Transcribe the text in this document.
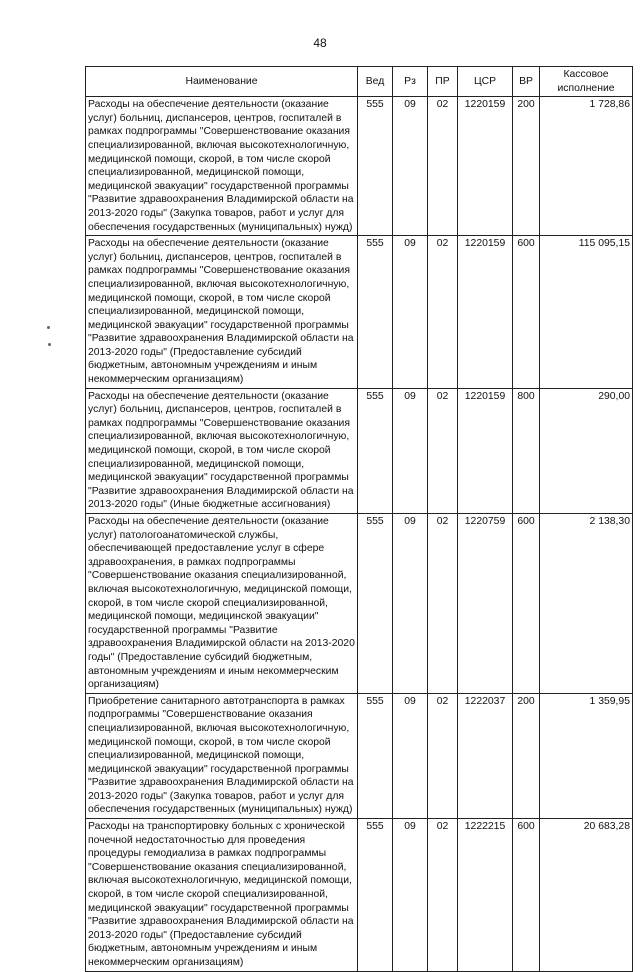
48
Наименование	Вед	Рз	ПР	ЦСР	ВР	Кассовое исполнение
Расходы на обеспечение деятельности (оказание услуг) больниц, диспансеров, центров, госпиталей в рамках подпрограммы "Совершенствование оказания специализированной, включая высокотехнологичную, медицинской помощи, скорой, в том числе скорой специализированной, медицинской помощи, медицинской эвакуации" государственной программы "Развитие здравоохранения Владимирской области на 2013-2020 годы" (Закупка товаров, работ и услуг для обеспечения государственных (муниципальных) нужд)	555	09	02	1220159	200	1 728,86
Расходы на обеспечение деятельности (оказание услуг) больниц, диспансеров, центров, госпиталей в рамках подпрограммы "Совершенствование оказания специализированной, включая высокотехнологичную, медицинской помощи, скорой, в том числе скорой специализированной, медицинской помощи, медицинской эвакуации" государственной программы "Развитие здравоохранения Владимирской области на 2013-2020 годы" (Предоставление субсидий бюджетным, автономным учреждениям и иным некоммерческим организациям)	555	09	02	1220159	600	115 095,15
Расходы на обеспечение деятельности (оказание услуг) больниц, диспансеров, центров, госпиталей в рамках подпрограммы "Совершенствование оказания специализированной, включая высокотехнологичную, медицинской помощи, скорой, в том числе скорой специализированной, медицинской помощи, медицинской эвакуации" государственной программы "Развитие здравоохранения Владимирской области на 2013-2020 годы" (Иные бюджетные ассигнования)	555	09	02	1220159	800	290,00
Расходы на обеспечение деятельности (оказание услуг) патологоанатомической службы, обеспечивающей предоставление услуг в сфере здравоохранения, в рамках подпрограммы "Совершенствование оказания специализированной, включая высокотехнологичную, медицинской помощи, скорой, в том числе скорой специализированной, медицинской помощи, медицинской эвакуации" государственной программы "Развитие здравоохранения Владимирской области на 2013-2020 годы" (Предоставление субсидий бюджетным, автономным учреждениям и иным некоммерческим организациям)	555	09	02	1220759	600	2 138,30
Приобретение санитарного автотранспорта в рамках подпрограммы "Совершенствование оказания специализированной, включая высокотехнологичную, медицинской помощи, скорой, в том числе скорой специализированной, медицинской помощи, медицинской эвакуации" государственной программы "Развитие здравоохранения Владимирской области на 2013-2020 годы" (Закупка товаров, работ и услуг для обеспечения государственных (муниципальных) нужд)	555	09	02	1222037	200	1 359,95
Расходы на транспортировку больных с хронической почечной недостаточностью для проведения процедуры гемодиализа в рамках подпрограммы "Совершенствование оказания специализированной, включая высокотехнологичную, медицинской помощи, скорой, в том числе скорой специализированной, медицинской эвакуации" государственной программы "Развитие здравоохранения Владимирской области на 2013-2020 годы" (Предоставление субсидий бюджетным, автономным учреждениям и иным некоммерческим организациям)	555	09	02	1222215	600	20 683,28
